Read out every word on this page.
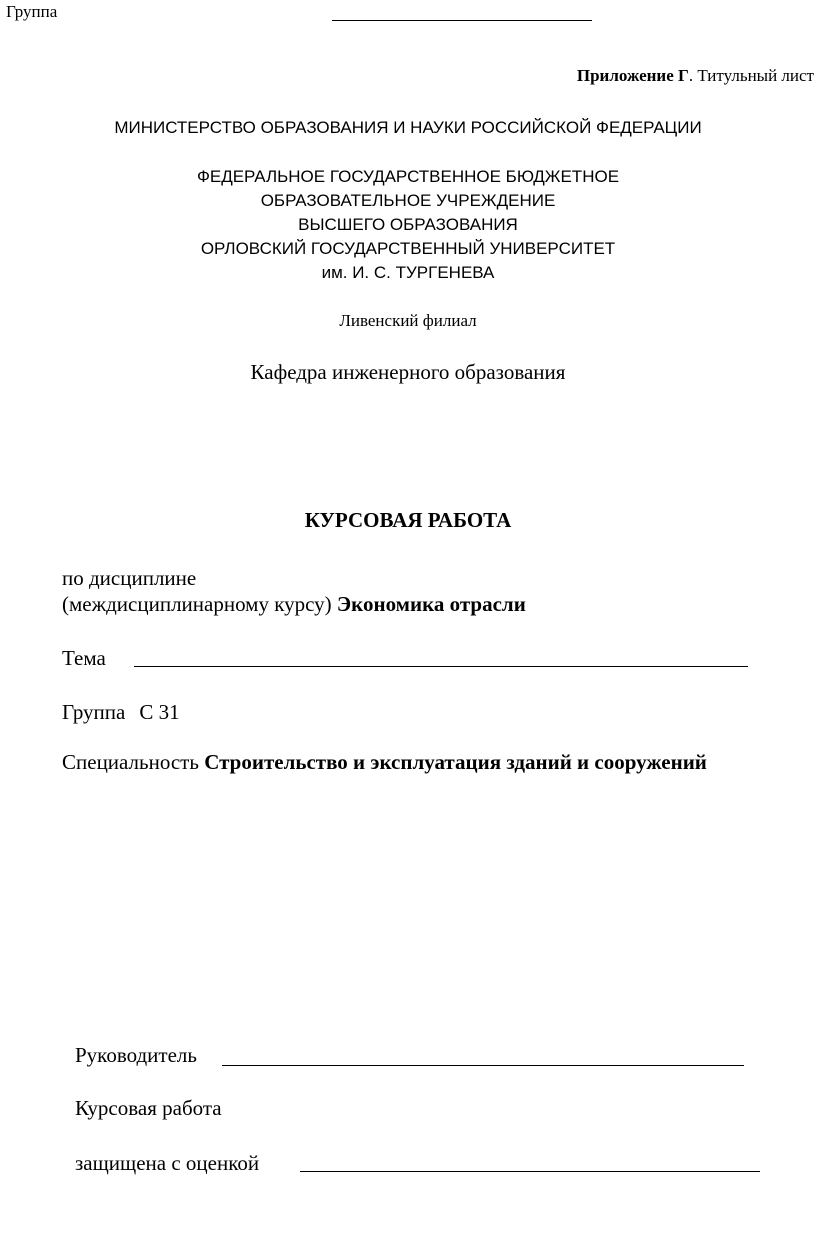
Группа
Приложение Г. Титульный лист
МИНИСТЕРСТВО ОБРАЗОВАНИЯ И НАУКИ РОССИЙСКОЙ ФЕДЕРАЦИИ
ФЕДЕРАЛЬНОЕ ГОСУДАРСТВЕННОЕ БЮДЖЕТНОЕ
ОБРАЗОВАТЕЛЬНОЕ УЧРЕЖДЕНИЕ
ВЫСШЕГО ОБРАЗОВАНИЯ
ОРЛОВСКИЙ ГОСУДАРСТВЕННЫЙ УНИВЕРСИТЕТ
им. И. С. ТУРГЕНЕВА
Ливенский филиал
Кафедра инженерного образования
КУРСОВАЯ РАБОТА
по дисциплине
(междисциплинарному курсу) Экономика отрасли
Тема
Группа С 31
Специальность Строительство и эксплуатация зданий и сооружений
Руководитель
Курсовая работа
защищена с оценкой
